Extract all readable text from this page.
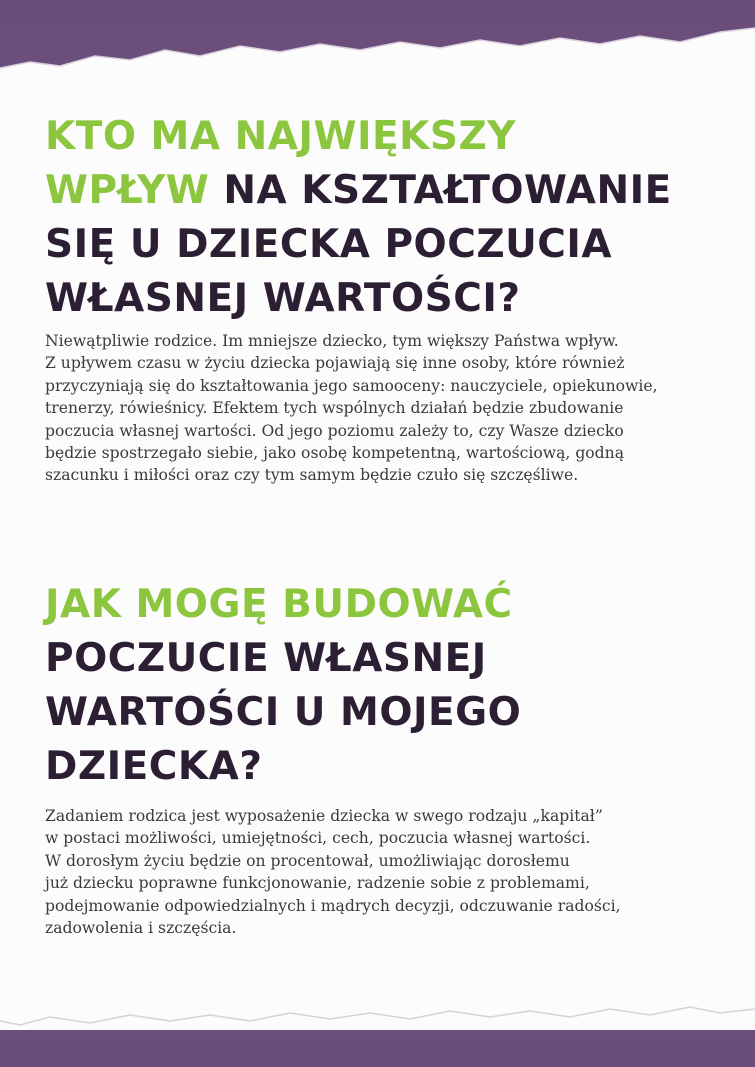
KTO MA NAJWIĘKSZY
WPŁYW NA KSZTAŁTOWANIE
SIĘ U DZIECKA POCZUCIA
WŁASNEJ WARTOŚCI?

Niewątpliwie rodzice. Im mniejsze dziecko, tym większy Państwa wpływ.
Z upływem czasu w życiu dziecka pojawiają się inne osoby, które również
przyczyniają się do kształtowania jego samooceny: nauczyciele, opiekunowie,
trenerzy, rówieśnicy. Efektem tych wspólnych działań będzie zbudowanie
poczucia własnej wartości. Od jego poziomu zależy to, czy Wasze dziecko
będzie spostrzegało siebie, jako osobę kompetentną, wartościową, godną
szacunku i miłości oraz czy tym samym będzie czuło się szczęśliwe.

JAK MOGĘ BUDOWAĆ
POCZUCIE WŁASNEJ
WARTOŚCI U MOJEGO
DZIECKA?

Zadaniem rodzica jest wyposażenie dziecka w swego rodzaju „kapitał”
w postaci możliwości, umiejętności, cech, poczucia własnej wartości.
W dorosłym życiu będzie on procentował, umożliwiając dorosłemu
już dziecku poprawne funkcjonowanie, radzenie sobie z problemami,
podejmowanie odpowiedzialnych i mądrych decyzji, odczuwanie radości,
zadowolenia i szczęścia.
